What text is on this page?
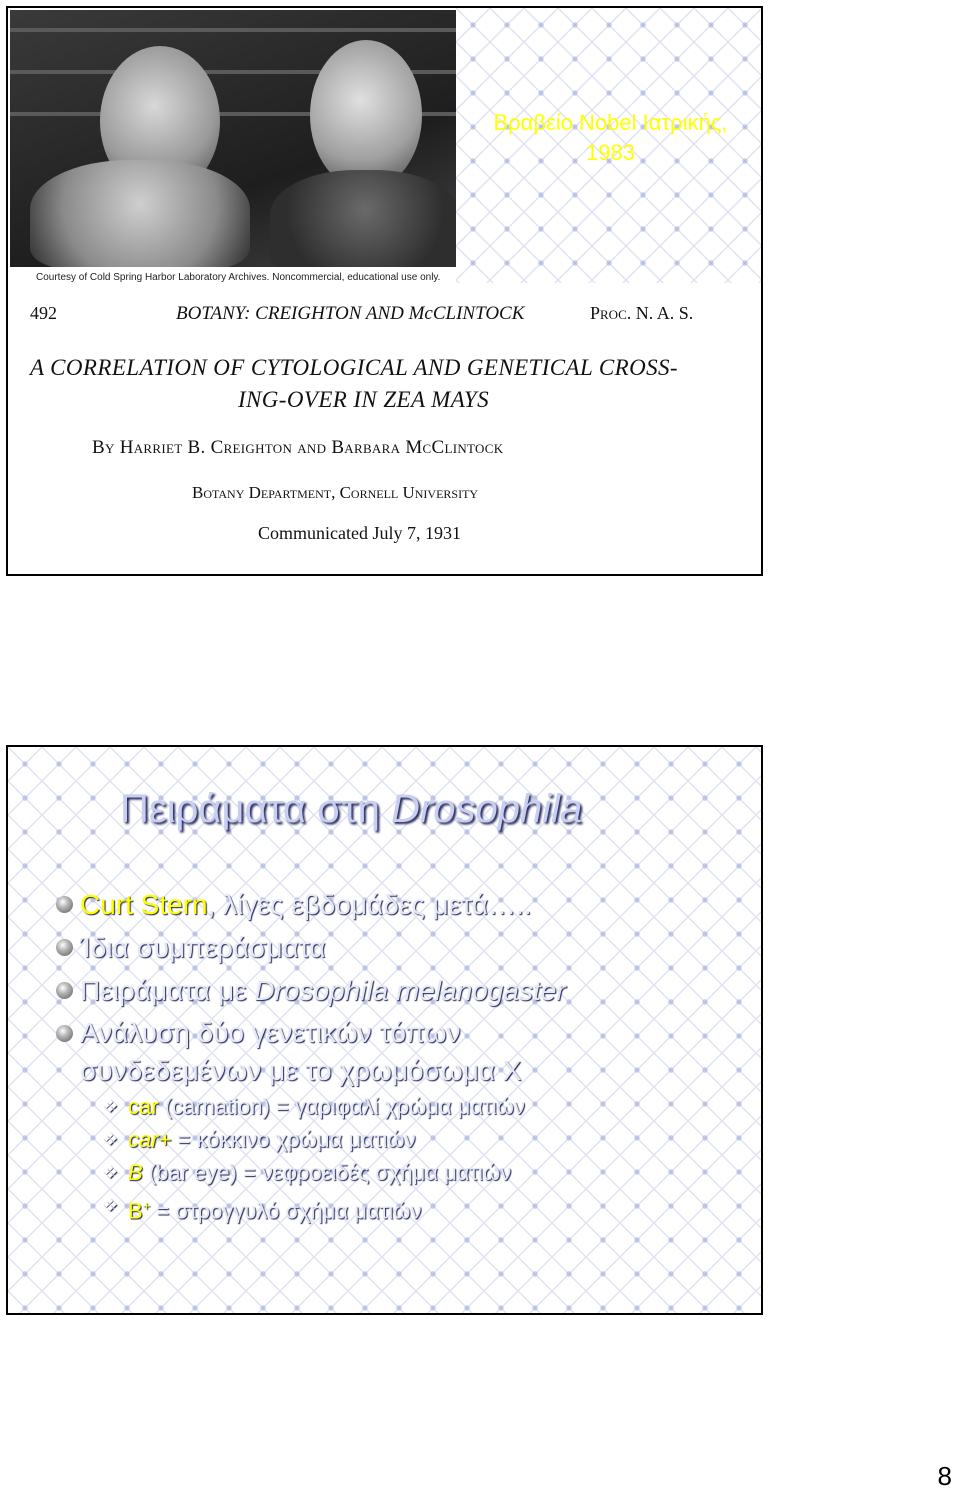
Courtesy of Cold Spring Harbor Laboratory Archives. Noncommercial, educational use only.
Βραβείο Nobel Ιατρικής,
1983
492	BOTANY: CREIGHTON AND McCLINTOCK	Proc. N. A. S.
A CORRELATION OF CYTOLOGICAL AND GENETICAL CROSS-
ING-OVER IN ZEA MAYS
By Harriet B. Creighton and Barbara McClintock
Botany Department, Cornell University
Communicated July 7, 1931
Πειράματα στη Drosophila
Curt Stern, λίγες εβδομάδες μετά…..
Ίδια συμπεράσματα
Πειράματα με Drosophila melanogaster
Ανάλυση δύο γενετικών τόπων
συνδεδεμένων με το χρωμόσωμα Χ
❖ car (carnation) = γαριφαλί χρώμα ματιών
❖ car+ = κόκκινο χρώμα ματιών
❖ B (bar eye) = νεφροειδές σχήμα ματιών
❖ B+ = στρογγυλό σχήμα ματιών
8
